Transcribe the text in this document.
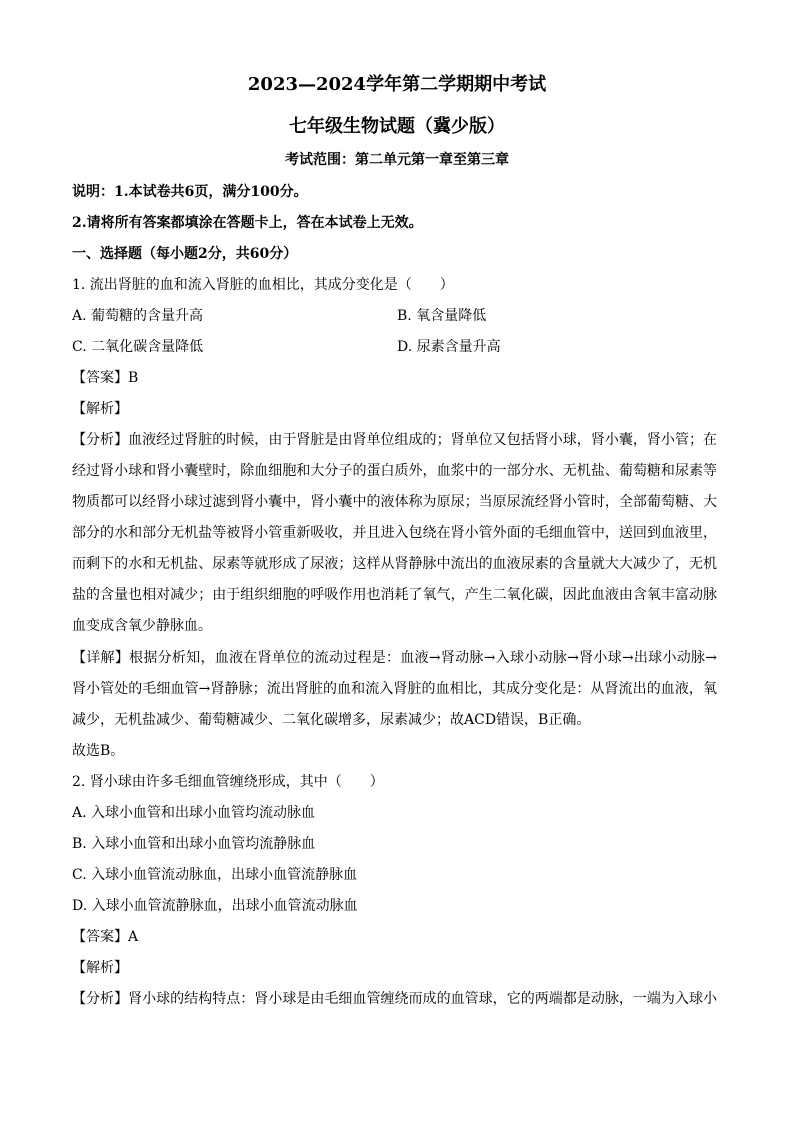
2023—2024学年第二学期期中考试
七年级生物试题（冀少版）
考试范围：第二单元第一章至第三章
说明：1.本试卷共6页，满分100分。
2.请将所有答案都填涂在答题卡上，答在本试卷上无效。
一、选择题（每小题2分，共60分）
1. 流出肾脏的血和流入肾脏的血相比，其成分变化是（　　）
A. 葡萄糖的含量升高	B. 氧含量降低
C. 二氧化碳含量降低	D. 尿素含量升高
【答案】B
【解析】
【分析】血液经过肾脏的时候，由于肾脏是由肾单位组成的；肾单位又包括肾小球，肾小囊，肾小管；在
经过肾小球和肾小囊壁时，除血细胞和大分子的蛋白质外，血浆中的一部分水、无机盐、葡萄糖和尿素等
物质都可以经肾小球过滤到肾小囊中，肾小囊中的液体称为原尿；当原尿流经肾小管时，全部葡萄糖、大
部分的水和部分无机盐等被肾小管重新吸收，并且进入包绕在肾小管外面的毛细血管中，送回到血液里，
而剩下的水和无机盐、尿素等就形成了尿液；这样从肾静脉中流出的血液尿素的含量就大大减少了，无机
盐的含量也相对减少；由于组织细胞的呼吸作用也消耗了氧气，产生二氧化碳，因此血液由含氧丰富动脉
血变成含氧少静脉血。
【详解】根据分析知，血液在肾单位的流动过程是：血液→肾动脉→入球小动脉→肾小球→出球小动脉→
肾小管处的毛细血管→肾静脉；流出肾脏的血和流入肾脏的血相比，其成分变化是：从肾流出的血液，氧
减少，无机盐减少、葡萄糖减少、二氧化碳增多，尿素减少；故ACD错误，B正确。
故选B。
2. 肾小球由许多毛细血管缠绕形成，其中（　　）
A. 入球小血管和出球小血管均流动脉血
B. 入球小血管和出球小血管均流静脉血
C. 入球小血管流动脉血，出球小血管流静脉血
D. 入球小血管流静脉血，出球小血管流动脉血
【答案】A
【解析】
【分析】肾小球的结构特点：肾小球是由毛细血管缠绕而成的血管球，它的两端都是动脉，一端为入球小
